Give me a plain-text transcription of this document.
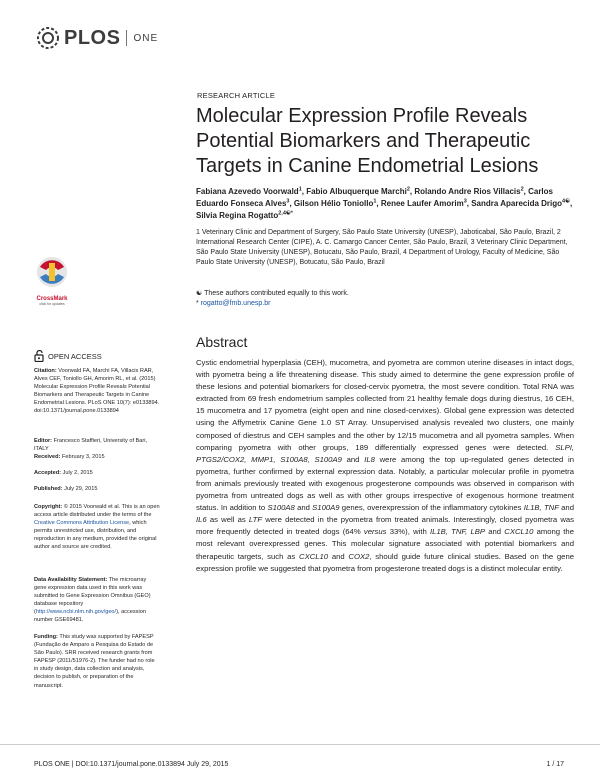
PLOS ONE
RESEARCH ARTICLE
Molecular Expression Profile Reveals Potential Biomarkers and Therapeutic Targets in Canine Endometrial Lesions
Fabiana Azevedo Voorwald$^1$, Fabio Albuquerque Marchi$^2$, Rolando Andre Rios Villacis$^2$, Carlos Eduardo Fonseca Alves$^3$, Gilson Hélio Toniollo$^1$, Renee Laufer Amorim$^3$, Sandra Aparecida Drigo$^{4☯}$, Silvia Regina Rogatto$^{2,4☯*}$
1 Veterinary Clinic and Department of Surgery, São Paulo State University (UNESP), Jaboticabal, São Paulo, Brazil, 2 International Research Center (CIPE), A. C. Camargo Cancer Center, São Paulo, Brazil, 3 Veterinary Clinic Department, São Paulo State University (UNESP), Botucatu, São Paulo, Brazil, 4 Department of Urology, Faculty of Medicine, São Paulo State University (UNESP), Botucatu, São Paulo, Brazil
☯ These authors contributed equally to this work.
* rogatto@fmb.unesp.br
Abstract
Cystic endometrial hyperplasia (CEH), mucometra, and pyometra are common uterine diseases in intact dogs, with pyometra being a life threatening disease. This study aimed to determine the gene expression profile of these lesions and potential biomarkers for closed-cervix pyometra, the most severe condition. Total RNA was extracted from 69 fresh endometrium samples collected from 21 healthy female dogs during diestrus, 16 CEH, 15 mucometra and 17 pyometra (eight open and nine closed-cervixes). Global gene expression was detected using the Affymetrix Canine Gene 1.0 ST Array. Unsupervised analysis revealed two clusters, one mainly composed of diestrus and CEH samples and the other by 12/15 mucometra and all pyometra samples. When comparing pyometra with other groups, 189 differentially expressed genes were detected. SLPI, PTGS2/COX2, MMP1, S100A8, S100A9 and IL8 were among the top up-regulated genes detected in pyometra, further confirmed by external expression data. Notably, a particular molecular profile in pyometra from animals previously treated with exogenous progesterone compounds was observed in comparison with pyometra from untreated dogs as well as with other groups irrespective of exogenous hormone treatment status. In addition to S100A8 and S100A9 genes, overexpression of the inflammatory cytokines IL1B, TNF and IL6 as well as LTF were detected in the pyometra from treated animals. Interestingly, closed pyometra was more frequently detected in treated dogs (64% versus 33%), with IL1B, TNF, LBP and CXCL10 among the most relevant overexpressed genes. This molecular signature associated with potential biomarkers and therapeutic targets, such as CXCL10 and COX2, should guide future clinical studies. Based on the gene expression profile we suggested that pyometra from progesterone treated dogs is a distinct molecular entity.
CrossMark
click for updates
OPEN ACCESS
Citation: Voorwald FA, Marchi FA, Villacis RAR, Alves CEF, Toniollo GH, Amorim RL, et al. (2015) Molecular Expression Profile Reveals Potential Biomarkers and Therapeutic Targets in Canine Endometrial Lesions. PLoS ONE 10(7): e0133894. doi:10.1371/journal.pone.0133894
Editor: Francesco Staffieri, University of Bari, ITALY
Received: February 3, 2015
Accepted: July 2, 2015
Published: July 29, 2015
Copyright: © 2015 Voorwald et al. This is an open access article distributed under the terms of the Creative Commons Attribution License, which permits unrestricted use, distribution, and reproduction in any medium, provided the original author and source are credited.
Data Availability Statement: The microarray gene expression data used in this work was submitted to Gene Expression Omnibus (GEO) database repository (http://www.ncbi.nlm.nih.gov/geo/), accession number GSE69481.
Funding: This study was supported by FAPESP (Fundação de Amparo a Pesquisa do Estado de São Paulo). SRR received research grants from FAPESP (2011/51976-2). The funder had no role in study design, data collection and analysis, decision to publish, or preparation of the manuscript.
PLOS ONE | DOI:10.1371/journal.pone.0133894 July 29, 2015	1 / 17
